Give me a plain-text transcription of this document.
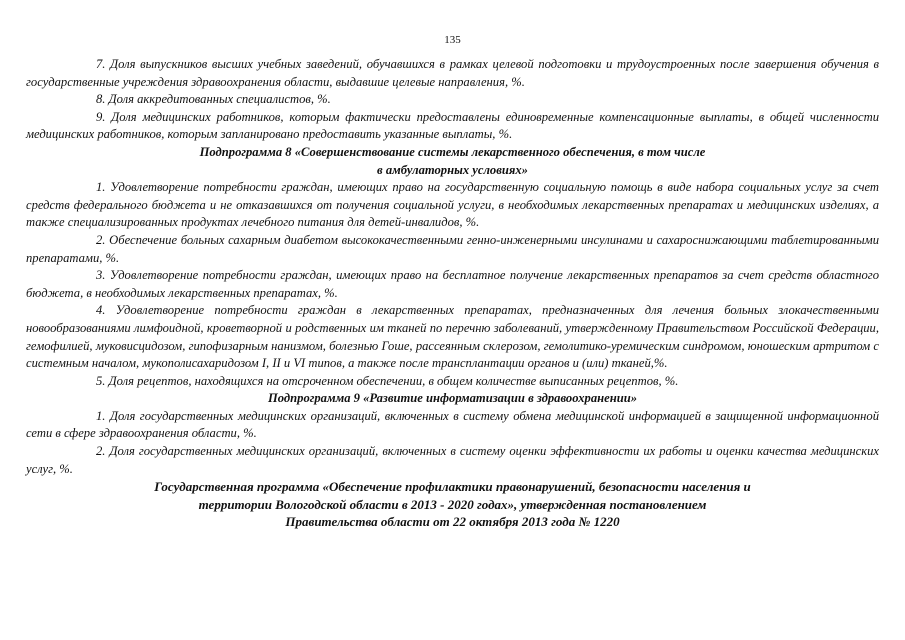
135

7. Доля выпускников высших учебных заведений, обучавшихся в рамках целевой подготовки и трудоустроенных после завершения обучения в государственные учреждения здравоохранения области, выдавшие целевые направления, %.

8. Доля аккредитованных специалистов, %.

9. Доля медицинских работников, которым фактически предоставлены единовременные компенсационные выплаты, в общей численности медицинских работников, которым запланировано предоставить указанные выплаты, %.

Подпрограмма 8 «Совершенствование системы лекарственного обеспечения, в том числе
в амбулаторных условиях»

1. Удовлетворение потребности граждан, имеющих право на государственную социальную помощь в виде набора социальных услуг за счет средств федерального бюджета и не отказавшихся от получения социальной услуги, в необходимых лекарственных препаратах и медицинских изделиях, а также специализированных продуктах лечебного питания для детей-инвалидов, %.

2. Обеспечение больных сахарным диабетом высококачественными генно-инженерными инсулинами и сахароснижающими таблетированными препаратами, %.

3. Удовлетворение потребности граждан, имеющих право на бесплатное получение лекарственных препаратов за счет средств областного бюджета, в необходимых лекарственных препаратах, %.

4. Удовлетворение потребности граждан в лекарственных препаратах, предназначенных для лечения больных злокачественными новообразованиями лимфоидной, кроветворной и родственных им тканей по перечню заболеваний, утвержденному Правительством Российской Федерации, гемофилией, муковисцидозом, гипофизарным нанизмом, болезнью Гоше, рассеянным склерозом, гемолитико-уремическим синдромом, юношеским артритом с системным началом, мукополисахаридозом I, II и VI типов, а также после трансплантации органов и (или) тканей,%.

5. Доля рецептов, находящихся на отсроченном обеспечении, в общем количестве выписанных рецептов, %.

Подпрограмма 9 «Развитие информатизации в здравоохранении»

1. Доля государственных медицинских организаций, включенных в систему обмена медицинской информацией в защищенной информационной сети в сфере здравоохранения области, %.

2. Доля государственных медицинских организаций, включенных в систему оценки эффективности их работы и оценки качества медицинских услуг, %.

Государственная программа «Обеспечение профилактики правонарушений, безопасности населения и
территории Вологодской области в 2013 - 2020 годах», утвержденная постановлением
Правительства области от 22 октября 2013 года № 1220
